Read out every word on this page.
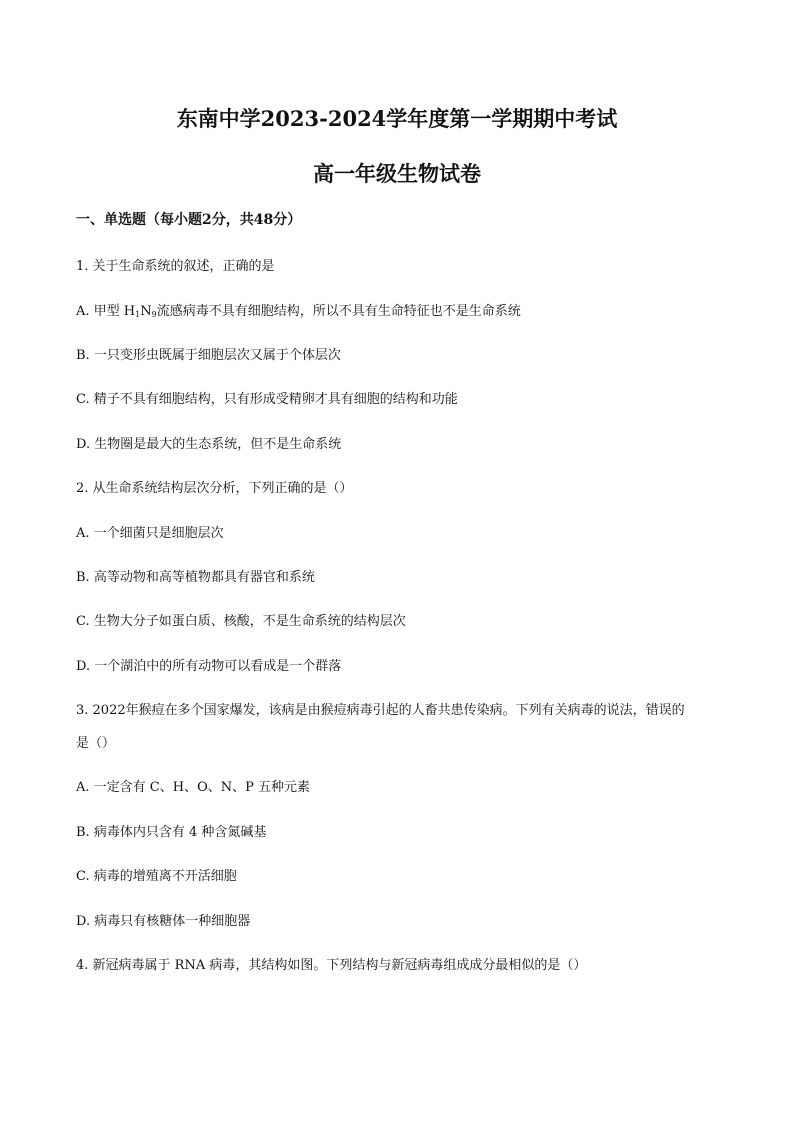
东南中学2023-2024学年度第一学期期中考试
高一年级生物试卷
一、单选题（每小题2分，共48分）
1. 关于生命系统的叙述，正确的是
A. 甲型 $H_1N_9$流感病毒不具有细胞结构，所以不具有生命特征也不是生命系统
B. 一只变形虫既属于细胞层次又属于个体层次
C. 精子不具有细胞结构，只有形成受精卵才具有细胞的结构和功能
D. 生物圈是最大的生态系统，但不是生命系统
2. 从生命系统结构层次分析，下列正确的是（）
A. 一个细菌只是细胞层次
B. 高等动物和高等植物都具有器官和系统
C. 生物大分子如蛋白质、核酸，不是生命系统的结构层次
D. 一个湖泊中的所有动物可以看成是一个群落
3. 2022年猴痘在多个国家爆发，该病是由猴痘病毒引起的人畜共患传染病。下列有关病毒的说法，错误的
是（）
A. 一定含有 C、H、O、N、P 五种元素
B. 病毒体内只含有 4 种含氮碱基
C. 病毒的增殖离不开活细胞
D. 病毒只有核糖体一种细胞器
4. 新冠病毒属于 RNA 病毒，其结构如图。下列结构与新冠病毒组成成分最相似的是（）
